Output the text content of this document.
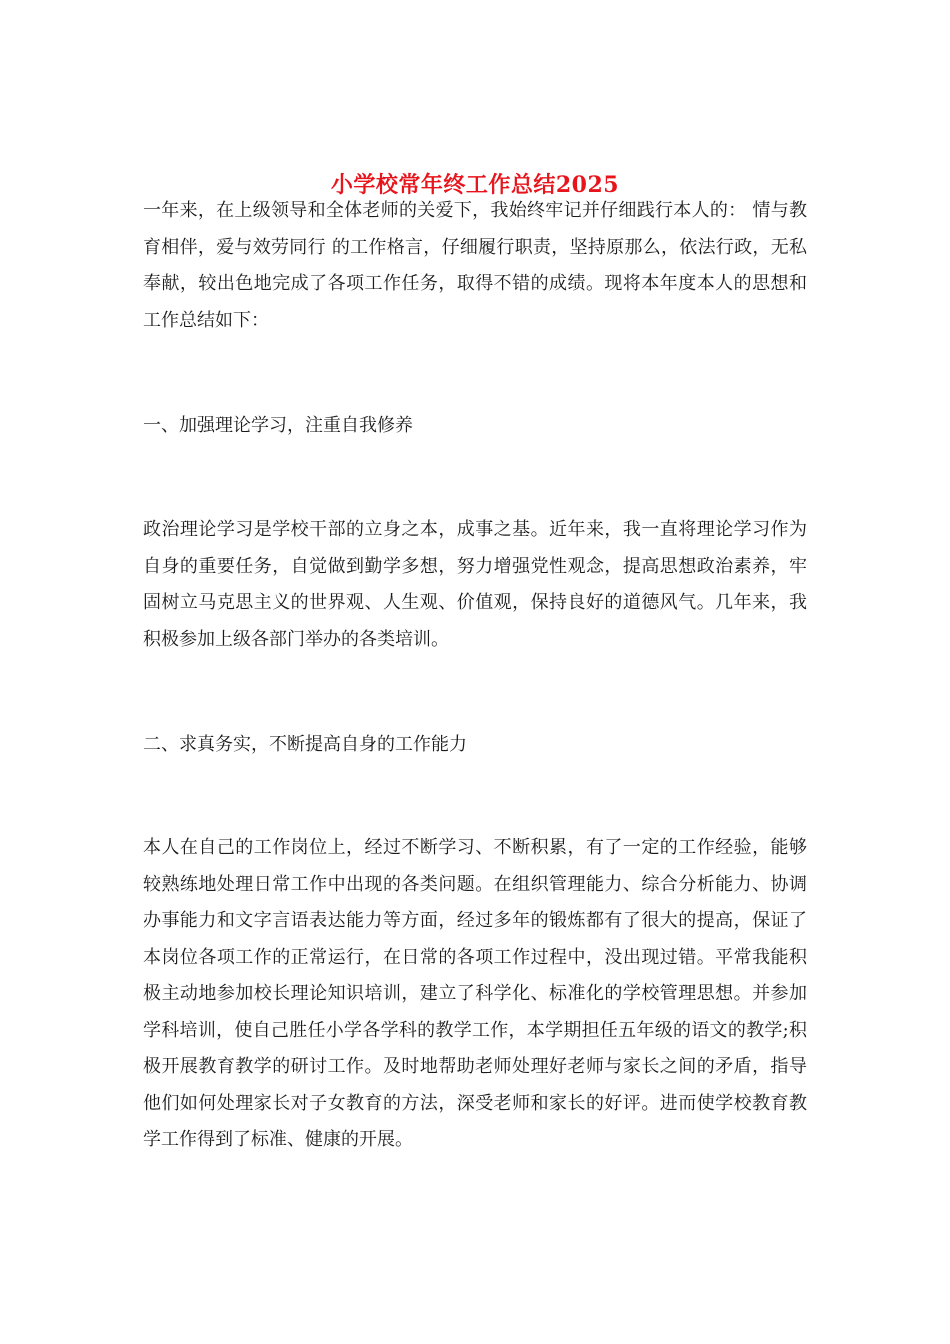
小学校常年终工作总结2025

一年来，在上级领导和全体老师的关爱下，我始终牢记并仔细践行本人的： 情与教育相伴，爱与效劳同行 的工作格言，仔细履行职责，坚持原那么，依法行政，无私奉献，较出色地完成了各项工作任务，取得不错的成绩。现将本年度本人的思想和工作总结如下：

一、加强理论学习，注重自我修养

政治理论学习是学校干部的立身之本，成事之基。近年来，我一直将理论学习作为自身的重要任务，自觉做到勤学多想，努力增强党性观念，提高思想政治素养，牢固树立马克思主义的世界观、人生观、价值观，保持良好的道德风气。几年来，我积极参加上级各部门举办的各类培训。

二、求真务实，不断提高自身的工作能力

本人在自己的工作岗位上，经过不断学习、不断积累，有了一定的工作经验，能够较熟练地处理日常工作中出现的各类问题。在组织管理能力、综合分析能力、协调办事能力和文字言语表达能力等方面，经过多年的锻炼都有了很大的提高，保证了本岗位各项工作的正常运行，在日常的各项工作过程中，没出现过错。平常我能积极主动地参加校长理论知识培训，建立了科学化、标准化的学校管理思想。并参加学科培训，使自己胜任小学各学科的教学工作，本学期担任五年级的语文的教学;积极开展教育教学的研讨工作。及时地帮助老师处理好老师与家长之间的矛盾，指导他们如何处理家长对子女教育的方法，深受老师和家长的好评。进而使学校教育教学工作得到了标准、健康的开展。
